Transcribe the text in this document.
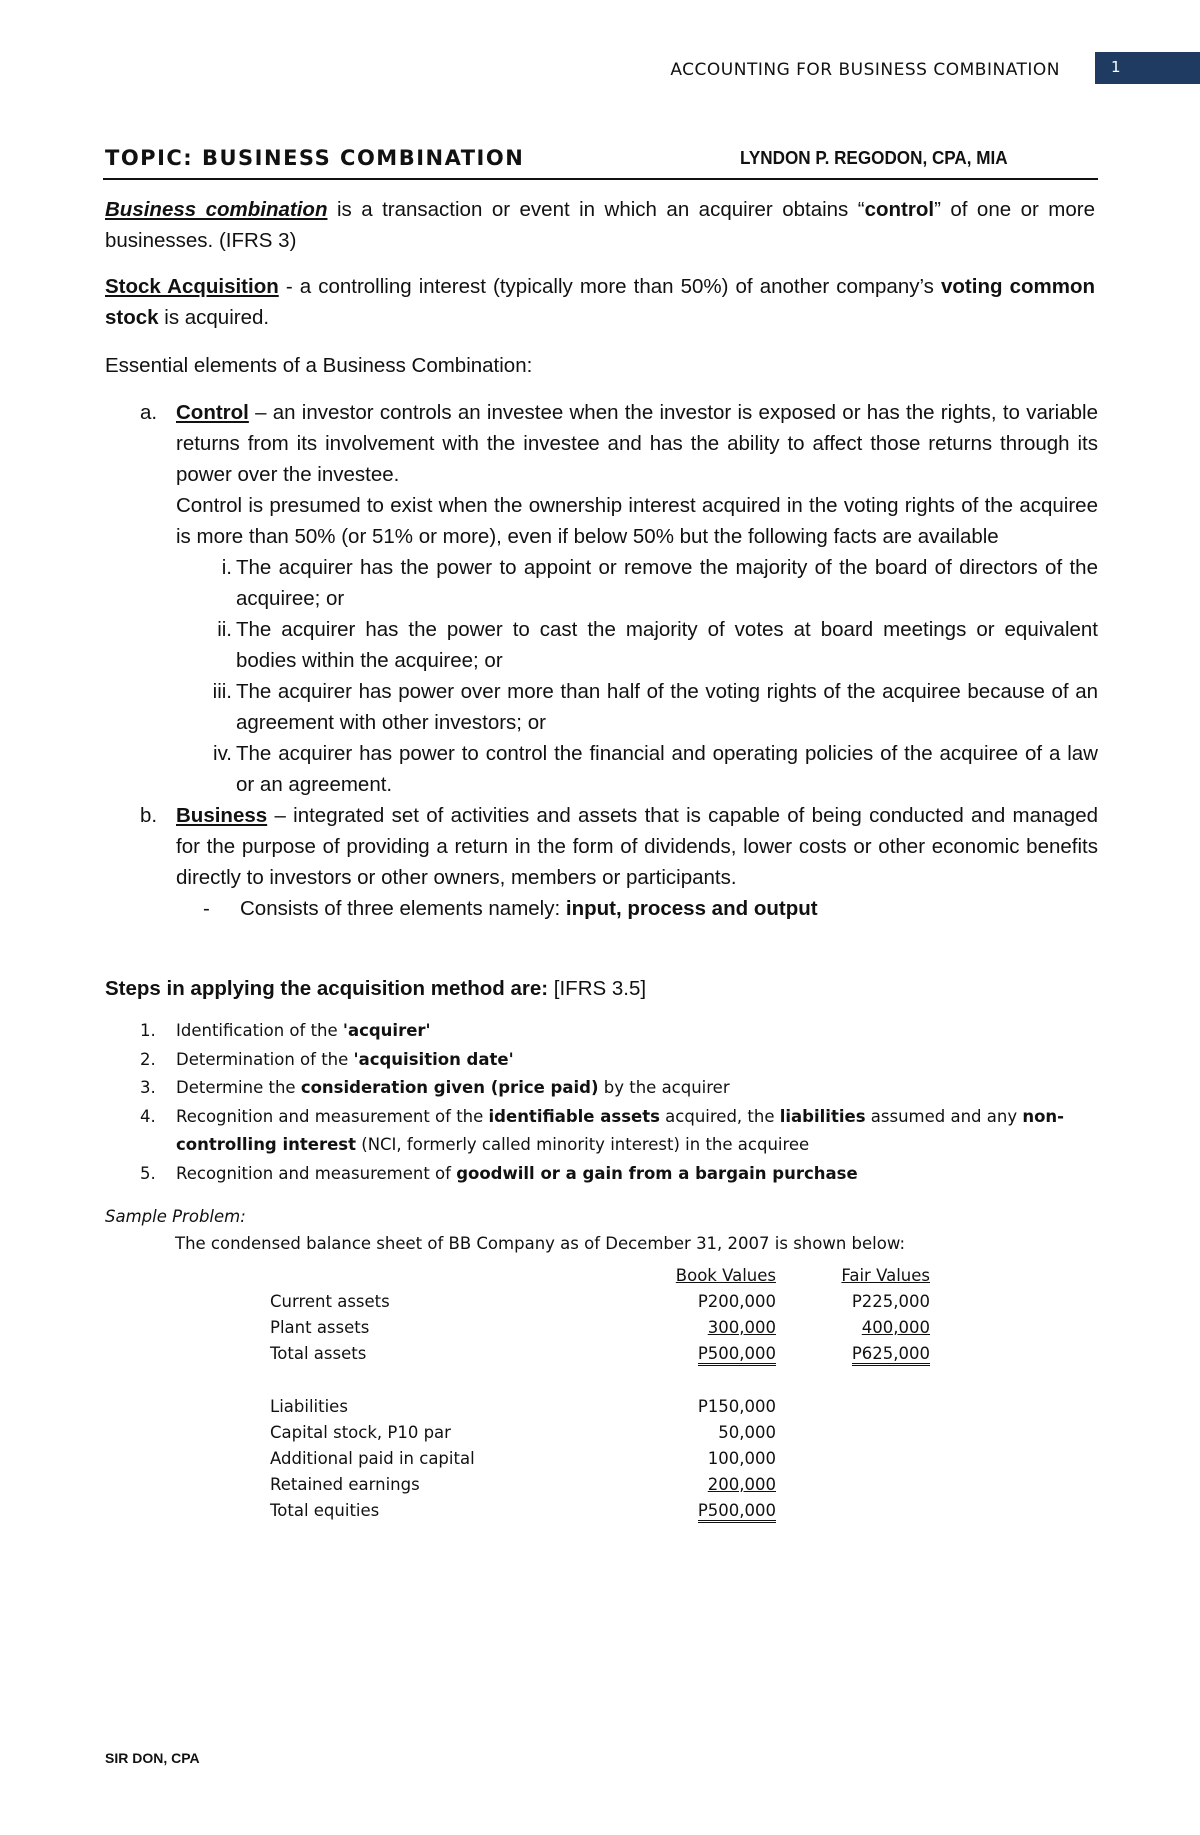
ACCOUNTING FOR BUSINESS COMBINATION	1
TOPIC: BUSINESS COMBINATION	LYNDON P. REGODON, CPA, MIA
Business combination is a transaction or event in which an acquirer obtains “control” of one or more businesses. (IFRS 3)
Stock Acquisition - a controlling interest (typically more than 50%) of another company’s voting common stock is acquired.
Essential elements of a Business Combination:
a. Control – an investor controls an investee when the investor is exposed or has the rights, to variable returns from its involvement with the investee and has the ability to affect those returns through its power over the investee.
Control is presumed to exist when the ownership interest acquired in the voting rights of the acquiree is more than 50% (or 51% or more), even if below 50% but the following facts are available
i. The acquirer has the power to appoint or remove the majority of the board of directors of the acquiree; or
ii. The acquirer has the power to cast the majority of votes at board meetings or equivalent bodies within the acquiree; or
iii. The acquirer has power over more than half of the voting rights of the acquiree because of an agreement with other investors; or
iv. The acquirer has power to control the financial and operating policies of the acquiree of a law or an agreement.
b. Business – integrated set of activities and assets that is capable of being conducted and managed for the purpose of providing a return in the form of dividends, lower costs or other economic benefits directly to investors or other owners, members or participants.
- Consists of three elements namely: input, process and output
Steps in applying the acquisition method are: [IFRS 3.5]
1. Identification of the 'acquirer'
2. Determination of the 'acquisition date'
3. Determine the consideration given (price paid) by the acquirer
4. Recognition and measurement of the identifiable assets acquired, the liabilities assumed and any non-controlling interest (NCI, formerly called minority interest) in the acquiree
5. Recognition and measurement of goodwill or a gain from a bargain purchase
Sample Problem:
The condensed balance sheet of BB Company as of December 31, 2007 is shown below:
Book Values	Fair Values
Current assets	P200,000	P225,000
Plant assets	300,000	400,000
Total assets	P500,000	P625,000
Liabilities	P150,000
Capital stock, P10 par	50,000
Additional paid in capital	100,000
Retained earnings	200,000
Total equities	P500,000
SIR DON, CPA
